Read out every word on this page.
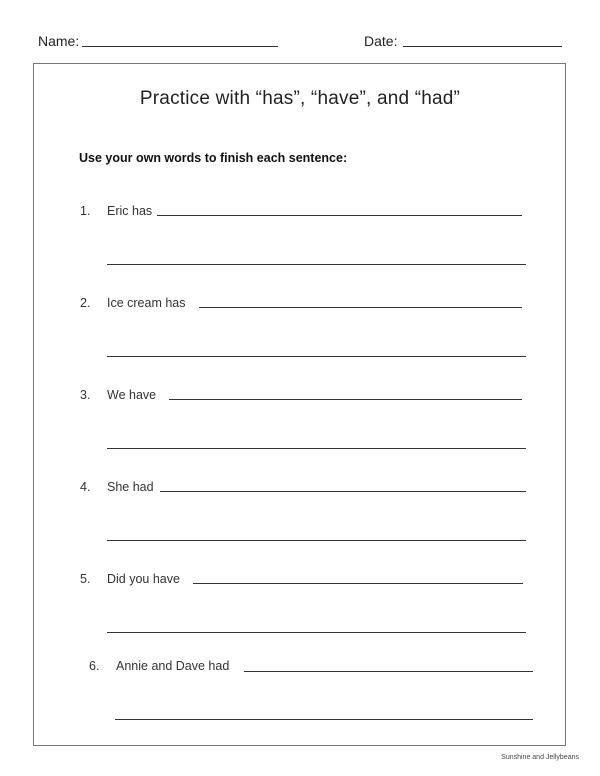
Name:	Date:
Practice with “has”, “have”, and “had”
Use your own words to finish each sentence:
1. Eric has
2. Ice cream has
3. We have
4. She had
5. Did you have
6. Annie and Dave had
Sunshine and Jellybeans
